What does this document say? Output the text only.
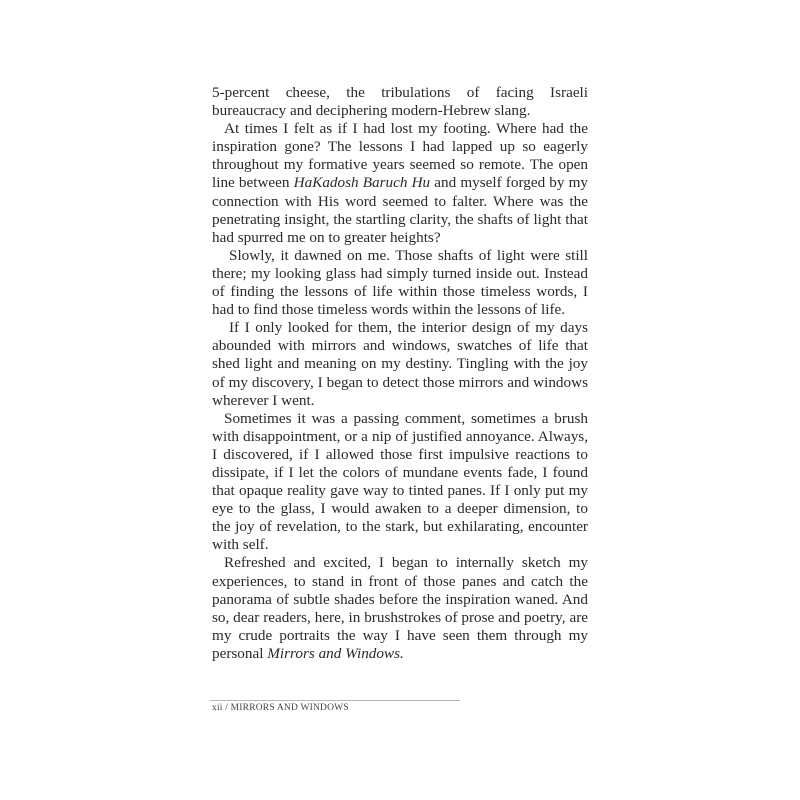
5-percent cheese, the tribulations of facing Israeli bureaucracy and deciphering modern-Hebrew slang.

At times I felt as if I had lost my footing. Where had the inspiration gone? The lessons I had lapped up so eagerly throughout my formative years seemed so remote. The open line between HaKadosh Baruch Hu and myself forged by my connection with His word seemed to falter. Where was the penetrating insight, the startling clarity, the shafts of light that had spurred me on to greater heights?

Slowly, it dawned on me. Those shafts of light were still there; my looking glass had simply turned inside out. Instead of finding the lessons of life within those timeless words, I had to find those timeless words within the lessons of life.

If I only looked for them, the interior design of my days abounded with mirrors and windows, swatches of life that shed light and meaning on my destiny. Tingling with the joy of my discovery, I began to detect those mirrors and windows wherever I went.

Sometimes it was a passing comment, sometimes a brush with disappointment, or a nip of justified annoyance. Always, I discovered, if I allowed those first impulsive reactions to dissipate, if I let the colors of mundane events fade, I found that opaque reality gave way to tinted panes. If I only put my eye to the glass, I would awaken to a deeper dimension, to the joy of revelation, to the stark, but exhilarating, encounter with self.

Refreshed and excited, I began to internally sketch my experiences, to stand in front of those panes and catch the panorama of subtle shades before the inspiration waned. And so, dear readers, here, in brushstrokes of prose and poetry, are my crude portraits the way I have seen them through my personal Mirrors and Windows.

xii / MIRRORS AND WINDOWS
